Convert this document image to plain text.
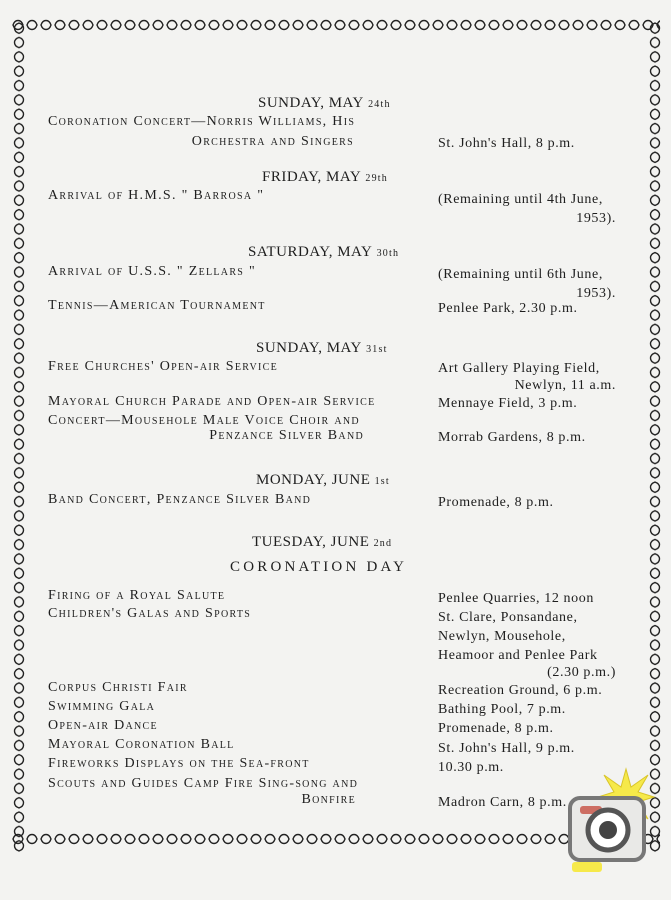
SUNDAY, MAY 24th
Coronation Concert—Norris Williams, His
Orchestra and Singers	St. John's Hall, 8 p.m.
FRIDAY, MAY 29th
Arrival of H.M.S. " Barrosa "	(Remaining until 4th June,
1953).
SATURDAY, MAY 30th
Arrival of U.S.S. " Zellars "	(Remaining until 6th June,
1953).
Tennis—American Tournament	Penlee Park, 2.30 p.m.
SUNDAY, MAY 31st
Free Churches' Open-air Service	Art Gallery Playing Field,
Newlyn, 11 a.m.
Mayoral Church Parade and Open-air Service	Mennaye Field, 3 p.m.
Concert—Mousehole Male Voice Choir and
Penzance Silver Band	Morrab Gardens, 8 p.m.
MONDAY, JUNE 1st
Band Concert, Penzance Silver Band	Promenade, 8 p.m.
TUESDAY, JUNE 2nd
CORONATION DAY
Firing of a Royal Salute	Penlee Quarries, 12 noon
Children's Galas and Sports	St. Clare, Ponsandane,
Newlyn, Mousehole,
Heamoor and Penlee Park
(2.30 p.m.)
Corpus Christi Fair	Recreation Ground, 6 p.m.
Swimming Gala	Bathing Pool, 7 p.m.
Open-air Dance	Promenade, 8 p.m.
Mayoral Coronation Ball	St. John's Hall, 9 p.m.
Fireworks Displays on the Sea-front	10.30 p.m.
Scouts and Guides Camp Fire Sing-song and
Bonfire	Madron Carn, 8 p.m.
